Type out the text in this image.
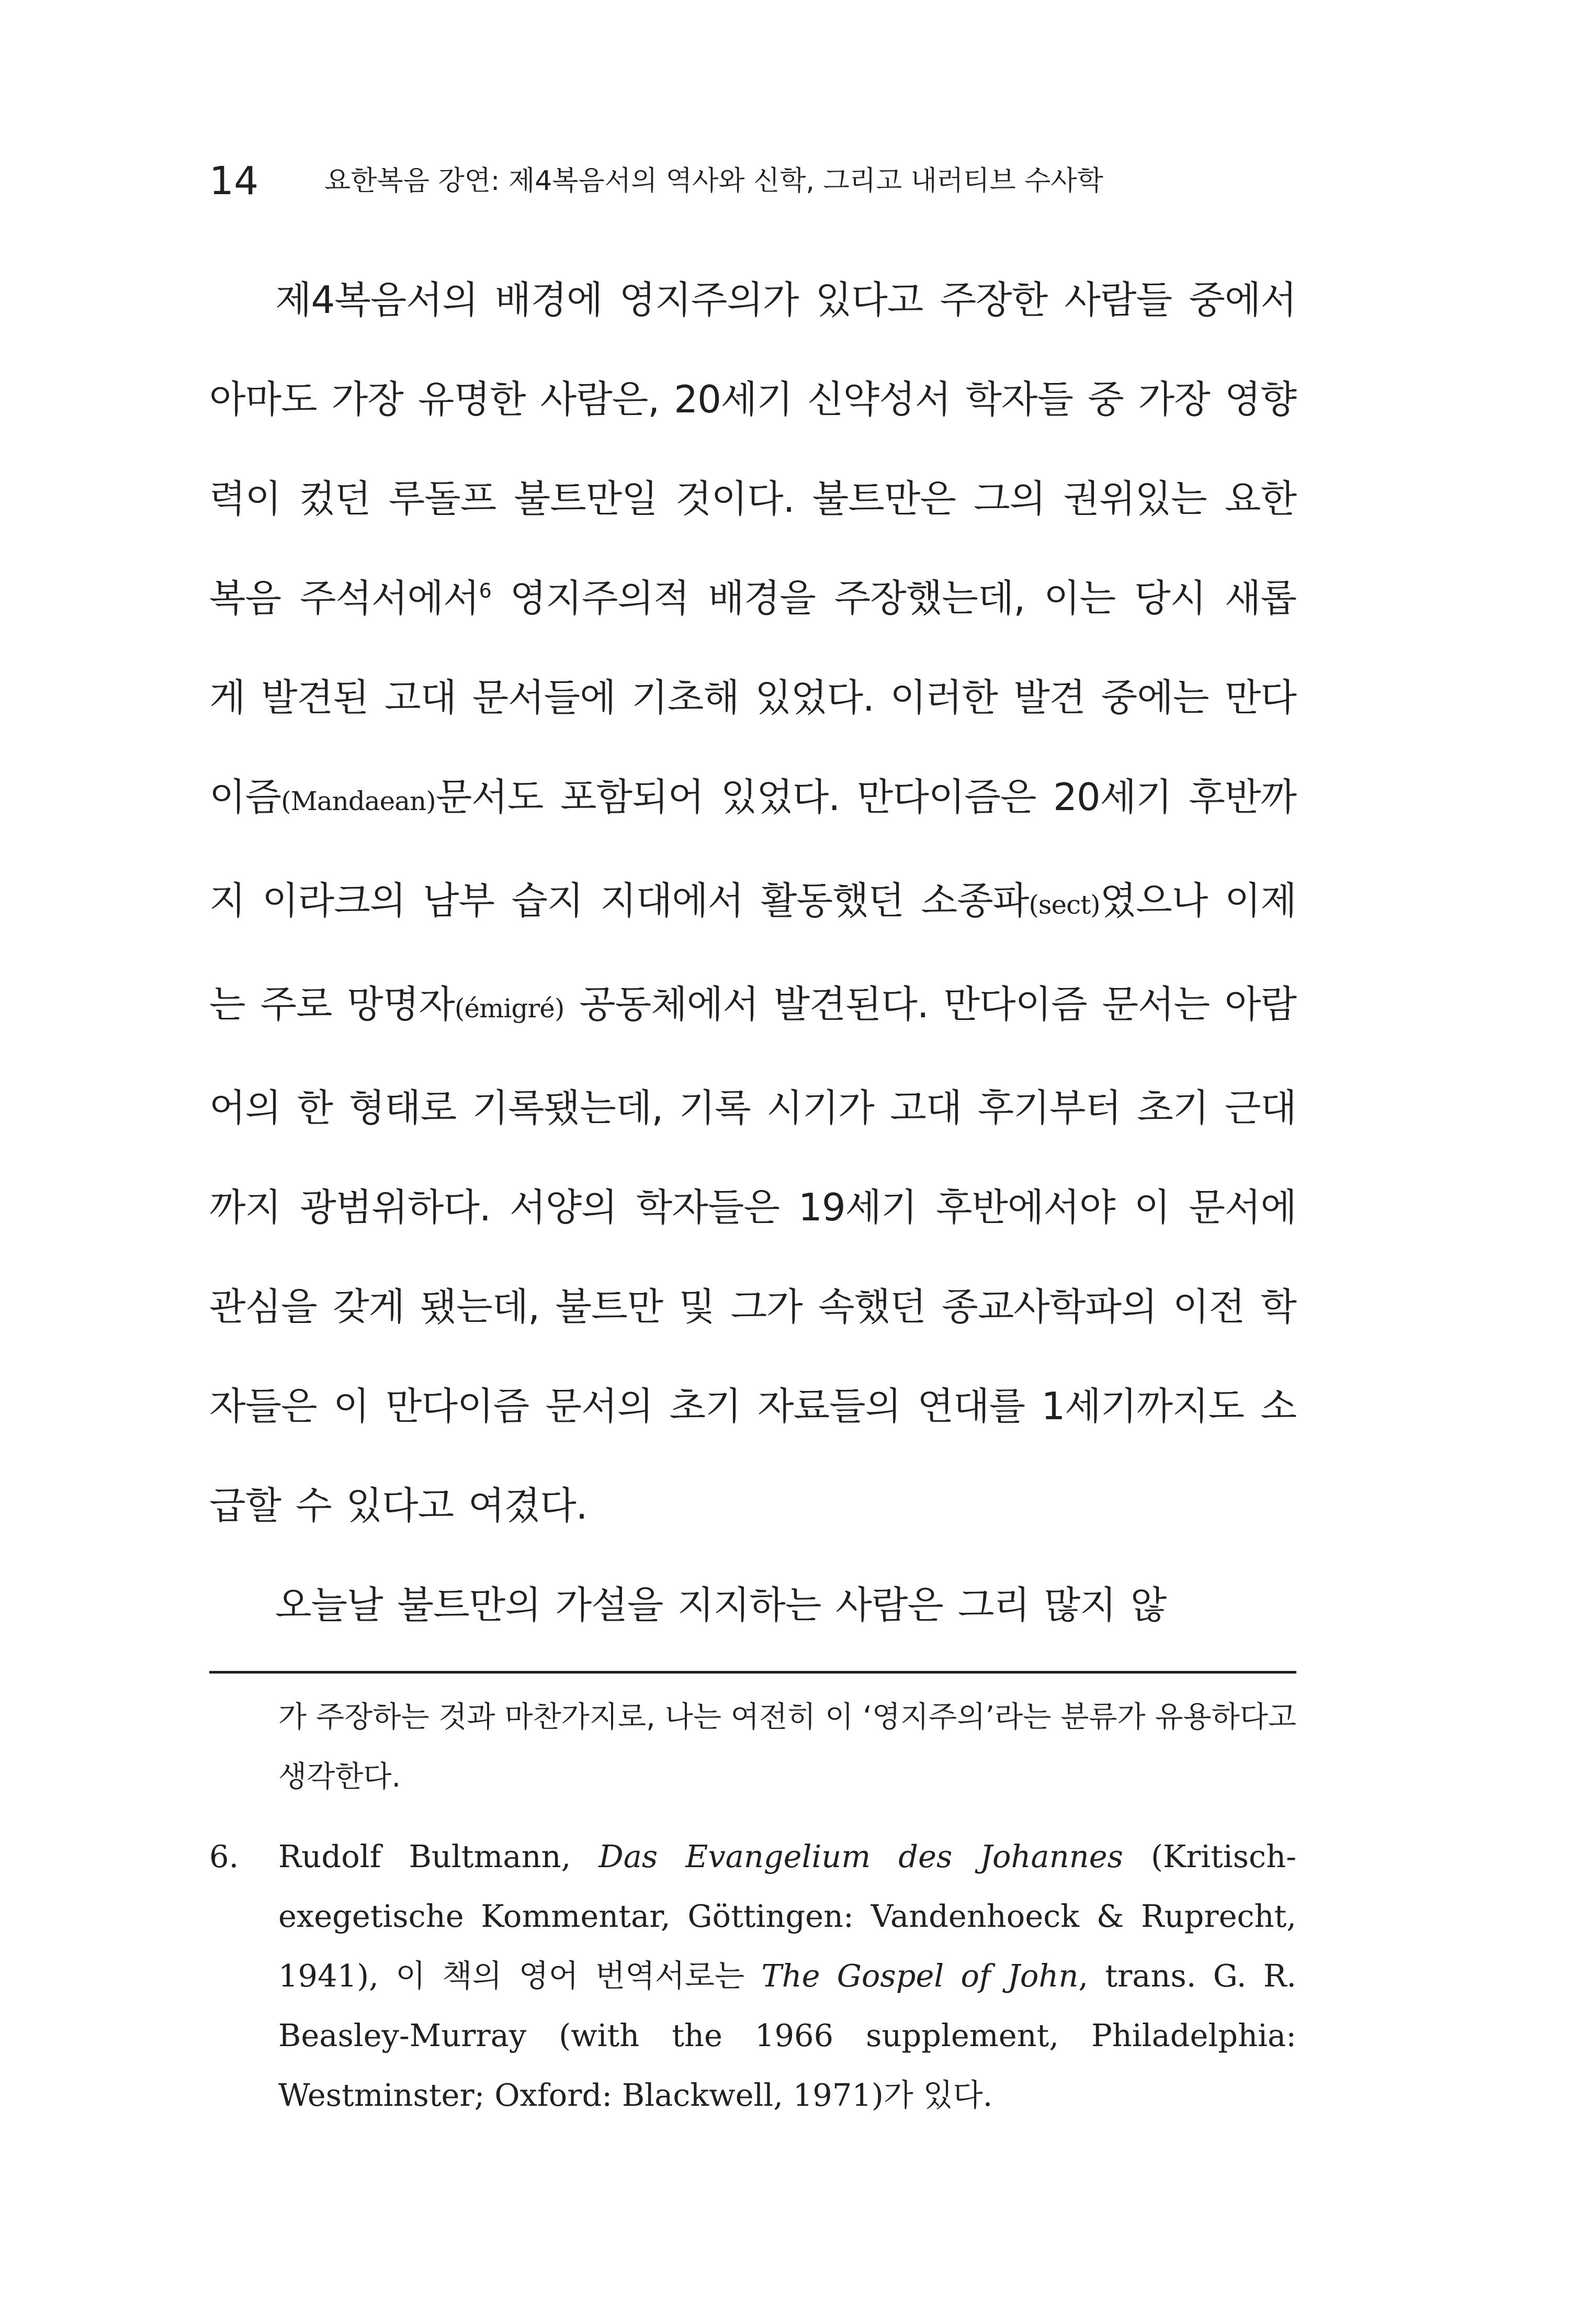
14 요한복음 강연: 제4복음서의 역사와 신학, 그리고 내러티브 수사학

제4복음서의 배경에 영지주의가 있다고 주장한 사람들 중에서 아마도 가장 유명한 사람은, 20세기 신약성서 학자들 중 가장 영향력이 컸던 루돌프 불트만일 것이다. 불트만은 그의 권위있는 요한복음 주석서에서$^6$ 영지주의적 배경을 주장했는데, 이는 당시 새롭게 발견된 고대 문서들에 기초해 있었다. 이러한 발견 중에는 만다이즘(Mandaean)문서도 포함되어 있었다. 만다이즘은 20세기 후반까지 이라크의 남부 습지 지대에서 활동했던 소종파(sect)였으나 이제는 주로 망명자(émigré) 공동체에서 발견된다. 만다이즘 문서는 아람어의 한 형태로 기록됐는데, 기록 시기가 고대 후기부터 초기 근대까지 광범위하다. 서양의 학자들은 19세기 후반에서야 이 문서에 관심을 갖게 됐는데, 불트만 및 그가 속했던 종교사학파의 이전 학자들은 이 만다이즘 문서의 초기 자료들의 연대를 1세기까지도 소급할 수 있다고 여겼다.

오늘날 불트만의 가설을 지지하는 사람은 그리 많지 않

가 주장하는 것과 마찬가지로, 나는 여전히 이 ‘영지주의’라는 분류가 유용하다고 생각한다.

6. Rudolf Bultmann, Das Evangelium des Johannes (Kritisch-exegetische Kommentar, Göttingen: Vandenhoeck & Ruprecht, 1941), 이 책의 영어 번역서로는 The Gospel of John, trans. G. R. Beasley-Murray (with the 1966 supplement, Philadelphia: Westminster; Oxford: Blackwell, 1971)가 있다.
